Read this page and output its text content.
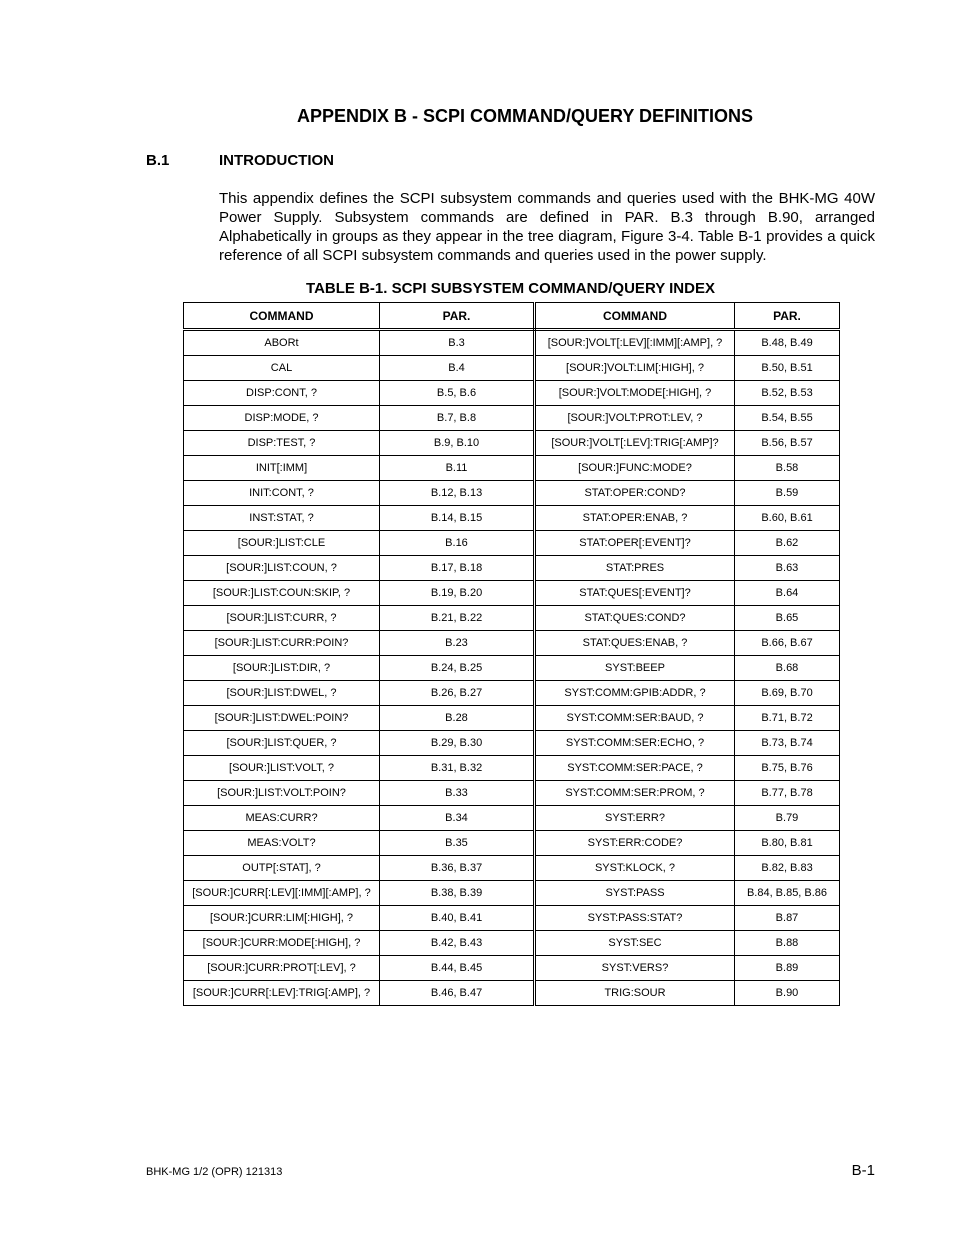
APPENDIX B - SCPI COMMAND/QUERY DEFINITIONS
B.1	INTRODUCTION

This appendix defines the SCPI subsystem commands and queries used with the BHK-MG 40W Power Supply. Subsystem commands are defined in PAR. B.3 through B.90, arranged Alphabetically in groups as they appear in the tree diagram, Figure 3-4. Table B-1 provides a quick reference of all SCPI subsystem commands and queries used in the power supply.

TABLE B-1. SCPI SUBSYSTEM COMMAND/QUERY INDEX
COMMAND	PAR.	COMMAND	PAR.
ABORt	B.3	[SOUR:]VOLT[:LEV][:IMM][:AMP], ?	B.48, B.49
CAL	B.4	[SOUR:]VOLT:LIM[:HIGH], ?	B.50, B.51
DISP:CONT, ?	B.5, B.6	[SOUR:]VOLT:MODE[:HIGH], ?	B.52, B.53
DISP:MODE, ?	B.7, B.8	[SOUR:]VOLT:PROT:LEV, ?	B.54, B.55
DISP:TEST, ?	B.9, B.10	[SOUR:]VOLT[:LEV]:TRIG[:AMP]?	B.56, B.57
INIT[:IMM]	B.11	[SOUR:]FUNC:MODE?	B.58
INIT:CONT, ?	B.12, B.13	STAT:OPER:COND?	B.59
INST:STAT, ?	B.14, B.15	STAT:OPER:ENAB, ?	B.60, B.61
[SOUR:]LIST:CLE	B.16	STAT:OPER[:EVENT]?	B.62
[SOUR:]LIST:COUN, ?	B.17, B.18	STAT:PRES	B.63
[SOUR:]LIST:COUN:SKIP, ?	B.19, B.20	STAT:QUES[:EVENT]?	B.64
[SOUR:]LIST:CURR, ?	B.21, B.22	STAT:QUES:COND?	B.65
[SOUR:]LIST:CURR:POIN?	B.23	STAT:QUES:ENAB, ?	B.66, B.67
[SOUR:]LIST:DIR, ?	B.24, B.25	SYST:BEEP	B.68
[SOUR:]LIST:DWEL, ?	B.26, B.27	SYST:COMM:GPIB:ADDR, ?	B.69, B.70
[SOUR:]LIST:DWEL:POIN?	B.28	SYST:COMM:SER:BAUD, ?	B.71, B.72
[SOUR:]LIST:QUER, ?	B.29, B.30	SYST:COMM:SER:ECHO, ?	B.73, B.74
[SOUR:]LIST:VOLT, ?	B.31, B.32	SYST:COMM:SER:PACE, ?	B.75, B.76
[SOUR:]LIST:VOLT:POIN?	B.33	SYST:COMM:SER:PROM, ?	B.77, B.78
MEAS:CURR?	B.34	SYST:ERR?	B.79
MEAS:VOLT?	B.35	SYST:ERR:CODE?	B.80, B.81
OUTP[:STAT], ?	B.36, B.37	SYST:KLOCK, ?	B.82, B.83
[SOUR:]CURR[:LEV][:IMM][:AMP], ?	B.38, B.39	SYST:PASS	B.84, B.85, B.86
[SOUR:]CURR:LIM[:HIGH], ?	B.40, B.41	SYST:PASS:STAT?	B.87
[SOUR:]CURR:MODE[:HIGH], ?	B.42, B.43	SYST:SEC	B.88
[SOUR:]CURR:PROT[:LEV], ?	B.44, B.45	SYST:VERS?	B.89
[SOUR:]CURR[:LEV]:TRIG[:AMP], ?	B.46, B.47	TRIG:SOUR	B.90
BHK-MG 1/2 (OPR) 121313	B-1
